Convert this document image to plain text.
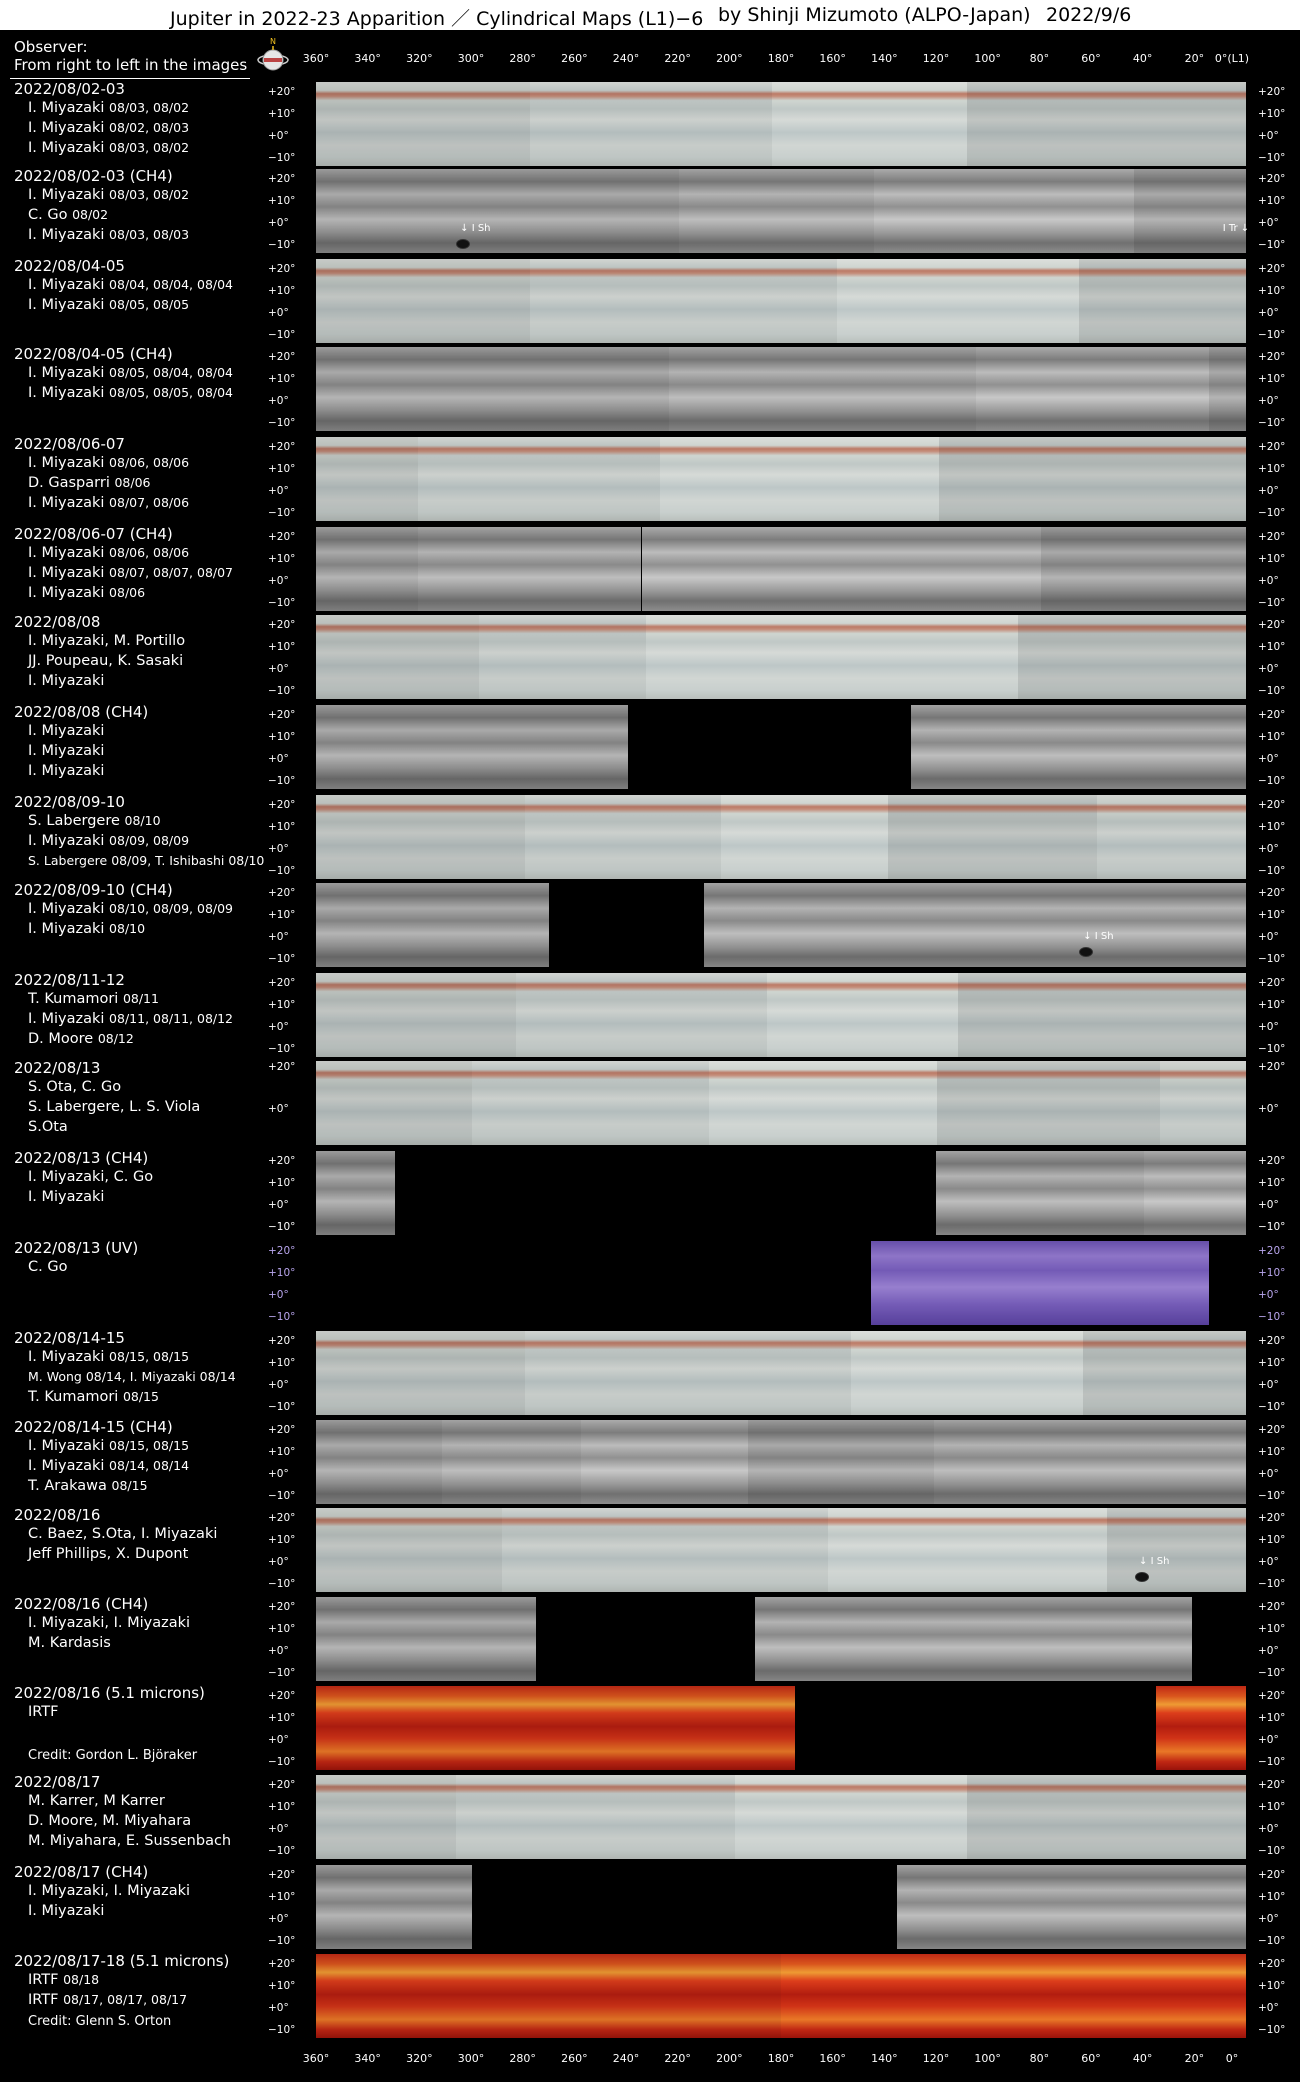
Jupiter in 2022-23 Apparition ／ Cylindrical Maps (L1)−6 by Shinji Mizumoto (ALPO-Japan) 2022/9/6
Observer:
From right to left in the images
N
360° 340° 320° 300° 280° 260° 240° 220° 200° 180° 160° 140° 120° 100°	80°	60°	40°	20° 0°(L1)
2022/08/02-03
I. Miyazaki 08/03, 08/02
I. Miyazaki 08/02, 08/03
I. Miyazaki 08/03, 08/02
+20°	+20°
+10°	+10°
+0°	+0°
−10°	−10°
2022/08/02-03 (CH4)
I. Miyazaki 08/03, 08/02
C. Go 08/02
I. Miyazaki 08/03, 08/03	↓ I Sh	I Tr ↓
+20°	+20°
+10°	+10°
+0°	+0°
−10°	−10°
2022/08/04-05
I. Miyazaki 08/04, 08/04, 08/04
I. Miyazaki 08/05, 08/05
+20°	+20°
+10°	+10°
+0°	+0°
−10°	−10°
2022/08/04-05 (CH4)
I. Miyazaki 08/05, 08/04, 08/04
I. Miyazaki 08/05, 08/05, 08/04
+20°	+20°
+10°	+10°
+0°	+0°
−10°	−10°
2022/08/06-07
I. Miyazaki 08/06, 08/06
D. Gasparri 08/06
I. Miyazaki 08/07, 08/06
+20°	+20°
+10°	+10°
+0°	+0°
−10°	−10°
2022/08/06-07 (CH4)
I. Miyazaki 08/06, 08/06
I. Miyazaki 08/07, 08/07, 08/07
I. Miyazaki 08/06
+20°	+20°
+10°	+10°
+0°	+0°
−10°	−10°
2022/08/08
I. Miyazaki, M. Portillo
JJ. Poupeau, K. Sasaki
I. Miyazaki
+20°	+20°
+10°	+10°
+0°	+0°
−10°	−10°
2022/08/08 (CH4)
I. Miyazaki
I. Miyazaki
I. Miyazaki
+20°	+20°
+10°	+10°
+0°	+0°
−10°	−10°
2022/08/09-10
S. Labergere 08/10
I. Miyazaki 08/09, 08/09
S. Labergere 08/09, T. Ishibashi 08/10
+20°	+20°
+10°	+10°
+0°	+0°
−10°	−10°
2022/08/09-10 (CH4)
I. Miyazaki 08/10, 08/09, 08/09
I. Miyazaki 08/10
↓ I Sh
+20°	+20°
+10°	+10°
+0°	+0°
−10°	−10°
2022/08/11-12
T. Kumamori 08/11
I. Miyazaki 08/11, 08/11, 08/12
D. Moore 08/12
+20°	+20°
+10°	+10°
+0°	+0°
−10°	−10°
2022/08/13
S. Ota, C. Go
S. Labergere, L. S. Viola
S.Ota
+20°	+20°
+0°	+0°
2022/08/13 (CH4)
I. Miyazaki, C. Go
I. Miyazaki
+20°	+20°
+10°	+10°
+0°	+0°
−10°	−10°
2022/08/13 (UV)
C. Go
+20°	+20°
+10°	+10°
+0°	+0°
−10°	−10°
2022/08/14-15
I. Miyazaki 08/15, 08/15
M. Wong 08/14, I. Miyazaki 08/14
T. Kumamori 08/15
+20°	+20°
+10°	+10°
+0°	+0°
−10°	−10°
2022/08/14-15 (CH4)
I. Miyazaki 08/15, 08/15
I. Miyazaki 08/14, 08/14
T. Arakawa 08/15
+20°	+20°
+10°	+10°
+0°	+0°
−10°	−10°
2022/08/16
C. Baez, S.Ota, I. Miyazaki
Jeff Phillips, X. Dupont	↓ I Sh
+20°	+20°
+10°	+10°
+0°	+0°
−10°	−10°
2022/08/16 (CH4)
I. Miyazaki, I. Miyazaki
M. Kardasis
+20°	+20°
+10°	+10°
+0°	+0°
−10°	−10°
2022/08/16 (5.1 microns)
IRTF
Credit: Gordon L. Björaker
+20°	+20°
+10°	+10°
+0°	+0°
−10°	−10°
2022/08/17
M. Karrer, M Karrer
D. Moore, M. Miyahara
M. Miyahara, E. Sussenbach
+20°	+20°
+10°	+10°
+0°	+0°
−10°	−10°
2022/08/17 (CH4)
I. Miyazaki, I. Miyazaki
I. Miyazaki
+20°	+20°
+10°	+10°
+0°	+0°
−10°	−10°
2022/08/17-18 (5.1 microns)
IRTF 08/18
IRTF 08/17, 08/17, 08/17
Credit: Glenn S. Orton
+20°	+20°
+10°	+10°
+0°	+0°
−10°	−10°
360° 340° 320° 300° 280° 260° 240° 220° 200° 180° 160° 140° 120° 100°	80°	60°	40°	20° 0°
